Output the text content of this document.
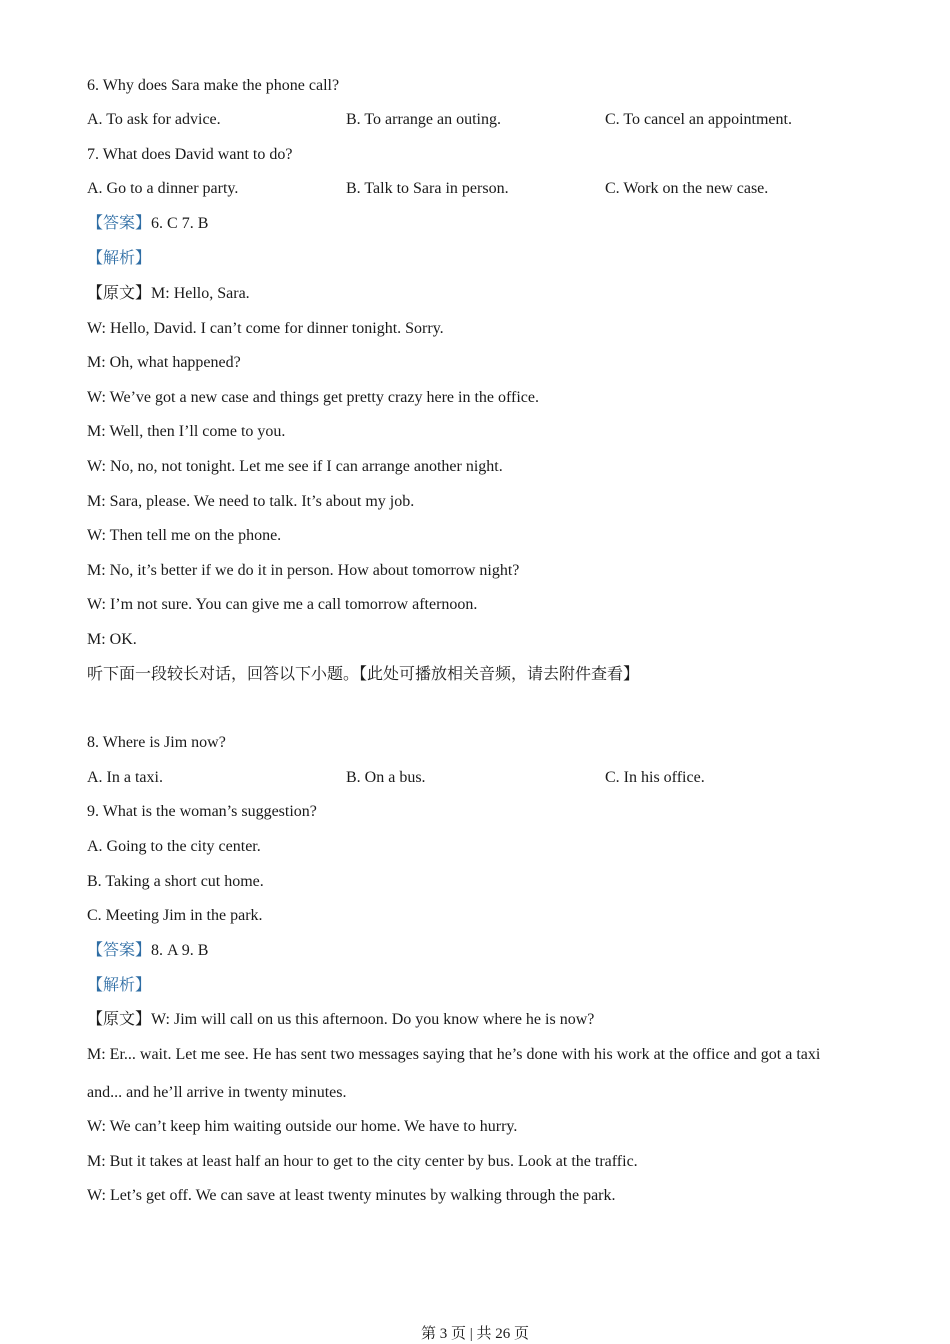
6. Why does Sara make the phone call?
A. To ask for advice.	B. To arrange an outing.	C. To cancel an appointment.
7. What does David want to do?
A. Go to a dinner party.	B. Talk to Sara in person.	C. Work on the new case.
【答案】6. C 7. B
【解析】
【原文】M: Hello, Sara.
W: Hello, David. I can’t come for dinner tonight. Sorry.
M: Oh, what happened?
W: We’ve got a new case and things get pretty crazy here in the office.
M: Well, then I’ll come to you.
W: No, no, not tonight. Let me see if I can arrange another night.
M: Sara, please. We need to talk. It’s about my job.
W: Then tell me on the phone.
M: No, it’s better if we do it in person. How about tomorrow night?
W: I’m not sure. You can give me a call tomorrow afternoon.
M: OK.
听下面一段较长对话，回答以下小题。【此处可播放相关音频，请去附件查看】
8. Where is Jim now?
A. In a taxi.	B. On a bus.	C. In his office.
9. What is the woman’s suggestion?
A. Going to the city center.
B. Taking a short cut home.
C. Meeting Jim in the park.
【答案】8. A 9. B
【解析】
【原文】W: Jim will call on us this afternoon. Do you know where he is now?
M: Er... wait. Let me see. He has sent two messages saying that he’s done with his work at the office and got a taxi
and... and he’ll arrive in twenty minutes.
W: We can’t keep him waiting outside our home. We have to hurry.
M: But it takes at least half an hour to get to the city center by bus. Look at the traffic.
W: Let’s get off. We can save at least twenty minutes by walking through the park.
第 3 页 | 共 26 页
